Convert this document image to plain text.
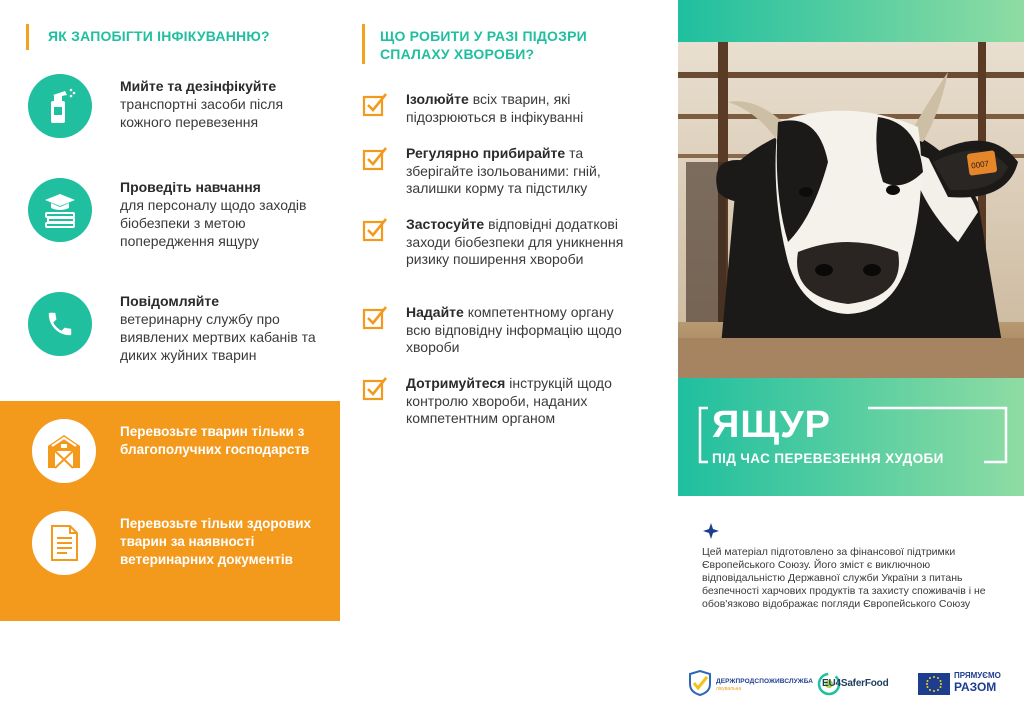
ЯК ЗАПОБІГТИ ІНФІКУВАННЮ?
Мийте та дезінфікуйте
транспортні засоби після кожного перевезення
Проведіть навчання
для персоналу щодо заходів біобезпеки з метою попередження ящуру
Повідомляйте
ветеринарну службу про виявлених мертвих кабанів та диких жуйних тварин
Перевозьте тварин тільки з благополучних господарств
Перевозьте тільки здорових тварин за наявності ветеринарних документів
ЩО РОБИТИ У РАЗІ ПІДОЗРИ СПАЛАХУ ХВОРОБИ?
Ізолюйте всіх тварин, які підозрюються в інфікуванні
Регулярно прибирайте та зберігайте ізольованими: гній, залишки корму та підстилку
Застосуйте відповідні додаткові заходи біобезпеки для уникнення ризику поширення хвороби
Надайте компетентному органу всю відповідну інформацію щодо хвороби
Дотримуйтеся інструкцій щодо контролю хвороби, наданих компетентним органом
0007
ЯЩУР
ПІД ЧАС ПЕРЕВЕЗЕННЯ ХУДОБИ
Цей матеріал підготовлено за фінансової підтримки Європейського Союзу. Його зміст є виключною відповідальністю Державної служби України з питань безпечності харчових продуктів та захисту споживачів і не обов'язково відображає погляди Європейського Союзу
ДЕРЖПРОДСПОЖИВСЛУЖБА
лікувальна	EU4SaferFood
ПРЯМУЄМО
РАЗОМ
